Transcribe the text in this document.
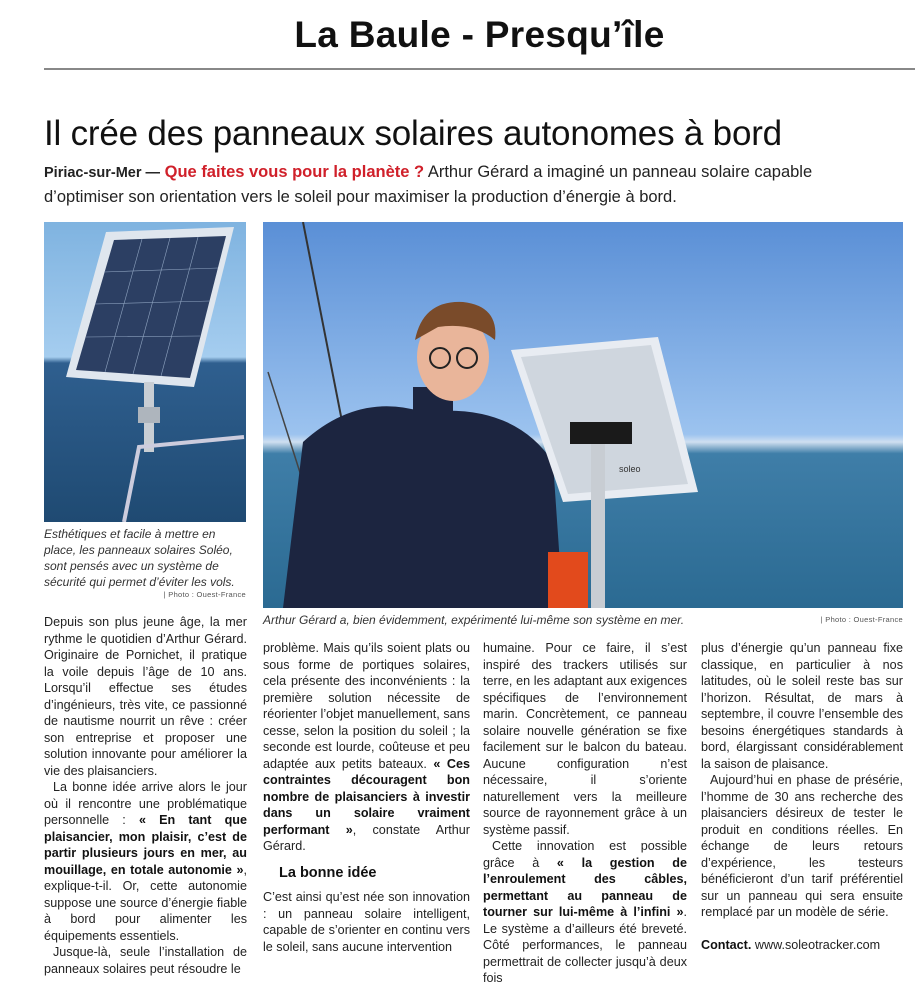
La Baule - Presqu’île
Il crée des panneaux solaires autonomes à bord
Piriac-sur-Mer — Que faites vous pour la planète ? Arthur Gérard a imaginé un panneau solaire capable d’optimiser son orientation vers le soleil pour maximiser la production d’énergie à bord.
Esthétiques et facile à mettre en place, les panneaux solaires Soléo, sont pensés avec un système de sécurité qui permet d’éviter les vols.
| Photo : Ouest-France
soleo
Arthur Gérard a, bien évidemment, expérimenté lui-même son système en mer.	| Photo : Ouest-France

Depuis son plus jeune âge, la mer rythme le quotidien d’Arthur Gérard. Originaire de Pornichet, il pratique la voile depuis l’âge de 10 ans. Lorsqu’il effectue ses études d’ingénieurs, très vite, ce passionné de nautisme nourrit un rêve : créer son entreprise et proposer une solution innovante pour améliorer la vie des plaisanciers.

La bonne idée arrive alors le jour où il rencontre une problématique personnelle : « En tant que plaisancier, mon plaisir, c’est de partir plusieurs jours en mer, au mouillage, en totale autonomie », explique-t-il. Or, cette autonomie suppose une source d’énergie fiable à bord pour alimenter les équipements essentiels.

Jusque-là, seule l’installation de panneaux solaires peut résoudre le

problème. Mais qu’ils soient plats ou sous forme de portiques solaires, cela présente des inconvénients : la première solution nécessite de réorienter l’objet manuellement, sans cesse, selon la position du soleil ; la seconde est lourde, coûteuse et peu adaptée aux petits bateaux. « Ces contraintes découragent bon nombre de plaisanciers à investir dans un solaire vraiment performant », constate Arthur Gérard.

La bonne idée

C’est ainsi qu’est née son innovation : un panneau solaire intelligent, capable de s’orienter en continu vers le soleil, sans aucune intervention

humaine. Pour ce faire, il s’est inspiré des trackers utilisés sur terre, en les adaptant aux exigences spécifiques de l’environnement marin. Concrètement, ce panneau solaire nouvelle génération se fixe facilement sur le balcon du bateau. Aucune configuration n’est nécessaire, il s’oriente naturellement vers la meilleure source de rayonnement grâce à un système passif.

Cette innovation est possible grâce à « la gestion de l’enroulement des câbles, permettant au panneau de tourner sur lui-même à l’infini ». Le système a d’ailleurs été breveté. Côté performances, le panneau permettrait de collecter jusqu’à deux fois

plus d’énergie qu’un panneau fixe classique, en particulier à nos latitudes, où le soleil reste bas sur l’horizon. Résultat, de mars à septembre, il couvre l’ensemble des besoins énergétiques standards à bord, élargissant considérablement la saison de plaisance.

Aujourd’hui en phase de présérie, l’homme de 30 ans recherche des plaisanciers désireux de tester le produit en conditions réelles. En échange de leurs retours d’expérience, les testeurs bénéficieront d’un tarif préférentiel sur un panneau qui sera ensuite remplacé par un modèle de série.

Contact. www.soleotracker.com
